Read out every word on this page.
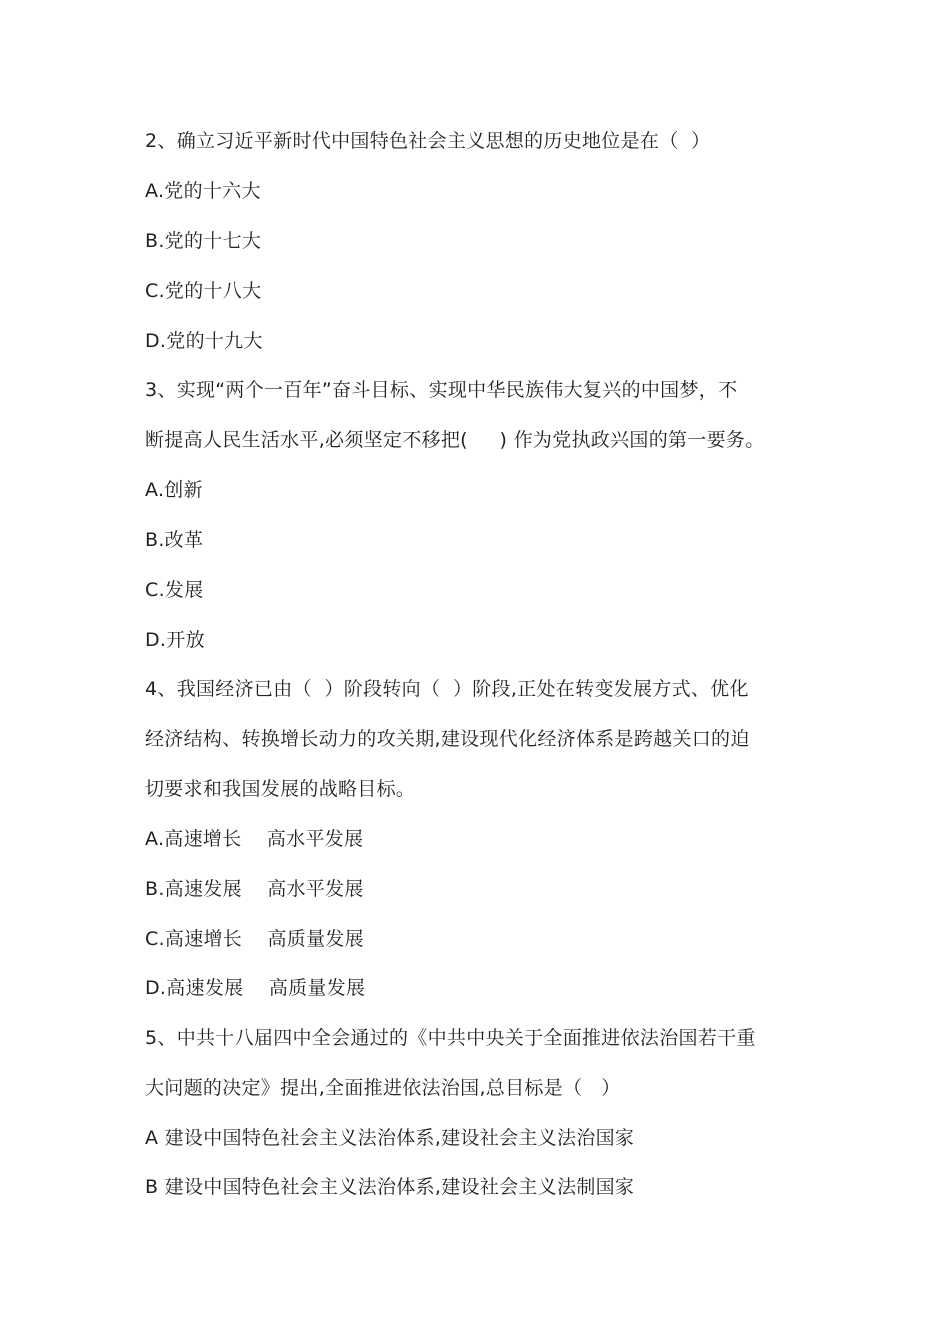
2、确立习近平新时代中国特色社会主义思想的历史地位是在（  ）
A.党的十六大
B.党的十七大
C.党的十八大
D.党的十九大
3、实现“两个一百年”奋斗目标、实现中华民族伟大复兴的中国梦，不
断提高人民生活水平,必须坚定不移把(     ) 作为党执政兴国的第一要务。
A.创新
B.改革
C.发展
D.开放
4、我国经济已由（  ）阶段转向（  ）阶段,正处在转变发展方式、优化
经济结构、转换增长动力的攻关期,建设现代化经济体系是跨越关口的迫
切要求和我国发展的战略目标。
A.高速增长    高水平发展
B.高速发展    高水平发展
C.高速增长    高质量发展
D.高速发展    高质量发展
5、中共十八届四中全会通过的《中共中央关于全面推进依法治国若干重
大问题的决定》提出,全面推进依法治国,总目标是（   ）
A 建设中国特色社会主义法治体系,建设社会主义法治国家
B 建设中国特色社会主义法治体系,建设社会主义法制国家
